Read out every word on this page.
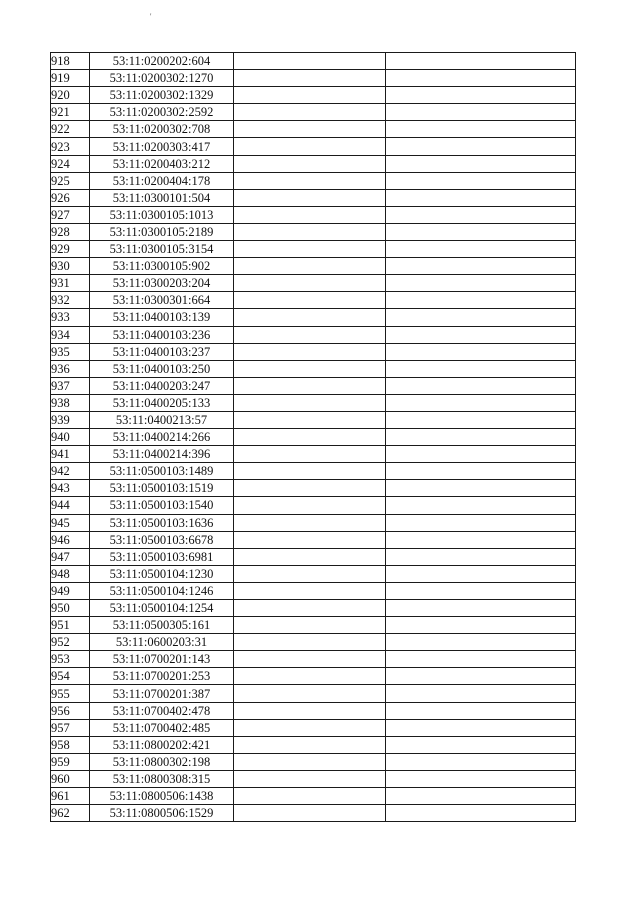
'
918	53:11:0200202:604		
919	53:11:0200302:1270		
920	53:11:0200302:1329		
921	53:11:0200302:2592		
922	53:11:0200302:708		
923	53:11:0200303:417		
924	53:11:0200403:212		
925	53:11:0200404:178		
926	53:11:0300101:504		
927	53:11:0300105:1013		
928	53:11:0300105:2189		
929	53:11:0300105:3154		
930	53:11:0300105:902		
931	53:11:0300203:204		
932	53:11:0300301:664		
933	53:11:0400103:139		
934	53:11:0400103:236		
935	53:11:0400103:237		
936	53:11:0400103:250		
937	53:11:0400203:247		
938	53:11:0400205:133		
939	53:11:0400213:57		
940	53:11:0400214:266		
941	53:11:0400214:396		
942	53:11:0500103:1489		
943	53:11:0500103:1519		
944	53:11:0500103:1540		
945	53:11:0500103:1636		
946	53:11:0500103:6678		
947	53:11:0500103:6981		
948	53:11:0500104:1230		
949	53:11:0500104:1246		
950	53:11:0500104:1254		
951	53:11:0500305:161		
952	53:11:0600203:31		
953	53:11:0700201:143		
954	53:11:0700201:253		
955	53:11:0700201:387		
956	53:11:0700402:478		
957	53:11:0700402:485		
958	53:11:0800202:421		
959	53:11:0800302:198		
960	53:11:0800308:315		
961	53:11:0800506:1438		
962	53:11:0800506:1529		
